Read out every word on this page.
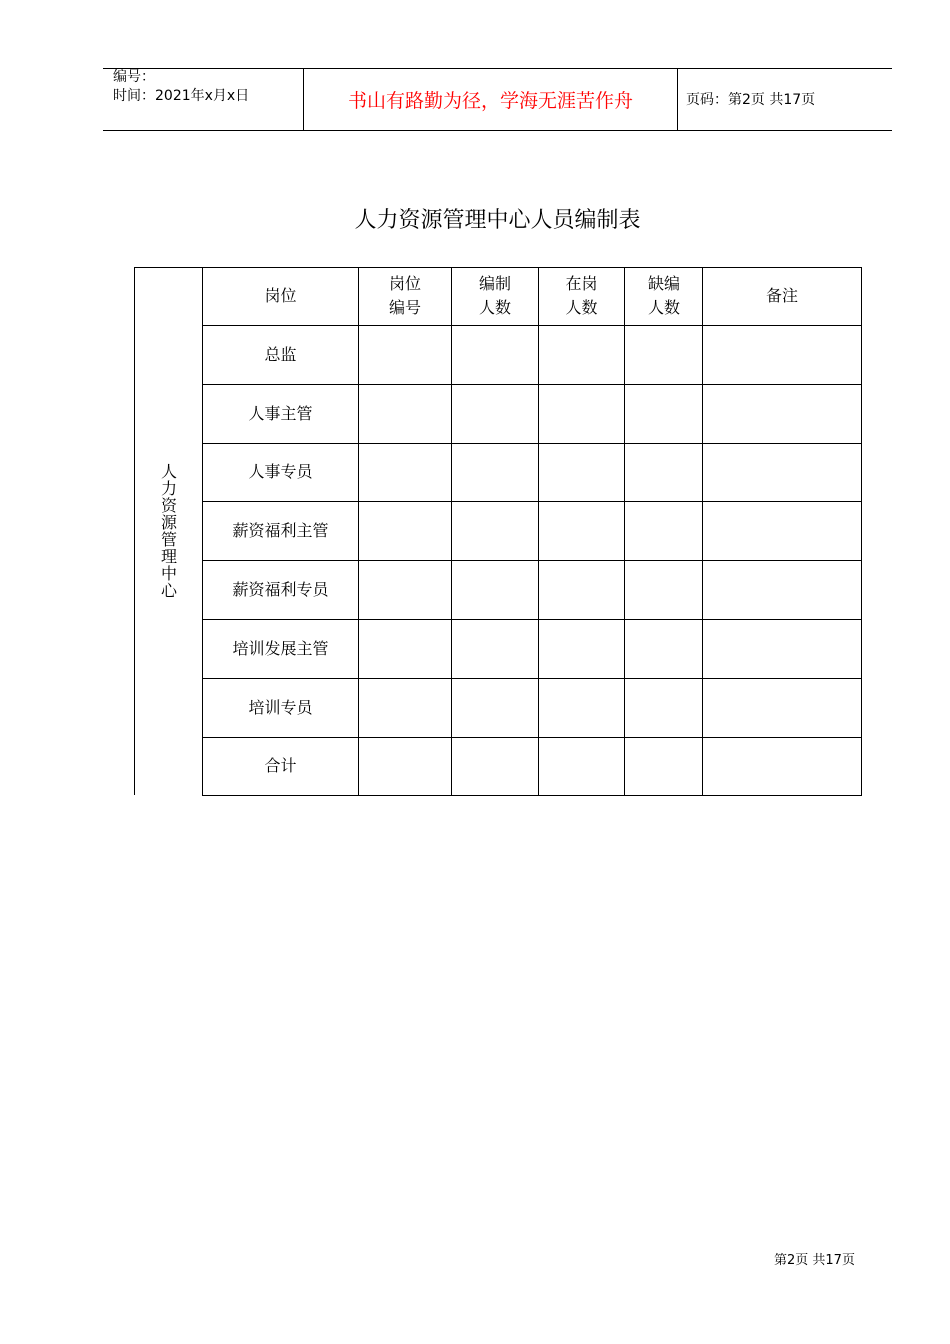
编号：
时间：2021年x月x日	书山有路勤为径，学海无涯苦作舟	页码：第2页 共17页
人力资源管理中心人员编制表
人力资源管理中心
岗位
岗位
编号
编制
人数
在岗
人数
缺编
人数
备注
总监
人事主管
人事专员
薪资福利主管
薪资福利专员
培训发展主管
培训专员
合计
第2页 共17页
